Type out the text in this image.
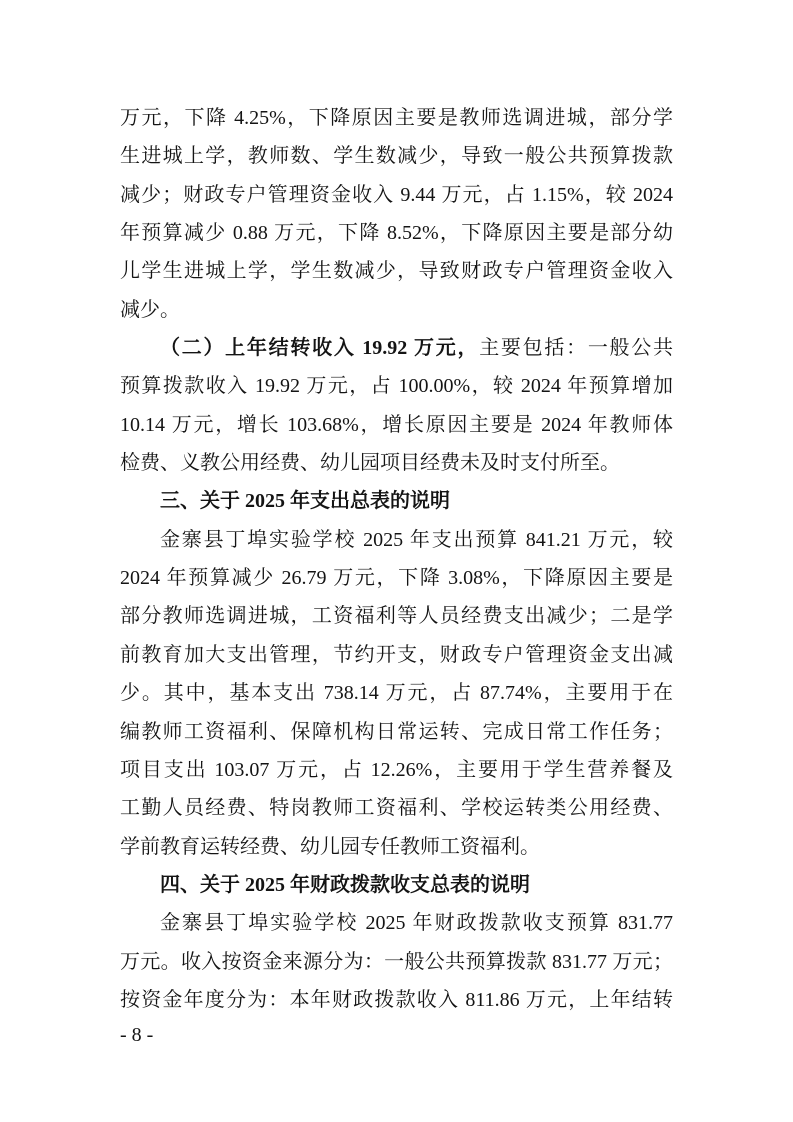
万元，下降 4.25%，下降原因主要是教师选调进城，部分学
生进城上学，教师数、学生数减少，导致一般公共预算拨款
减少；财政专户管理资金收入 9.44 万元，占 1.15%，较 2024
年预算减少 0.88 万元，下降 8.52%，下降原因主要是部分幼
儿学生进城上学，学生数减少，导致财政专户管理资金收入
减少。
（二）上年结转收入 19.92 万元，主要包括：一般公共
预算拨款收入 19.92 万元，占 100.00%，较 2024 年预算增加
10.14 万元，增长 103.68%，增长原因主要是 2024 年教师体
检费、义教公用经费、幼儿园项目经费未及时支付所至。
三、关于 2025 年支出总表的说明
金寨县丁埠实验学校 2025 年支出预算 841.21 万元，较
2024 年预算减少 26.79 万元，下降 3.08%，下降原因主要是
部分教师选调进城，工资福利等人员经费支出减少；二是学
前教育加大支出管理，节约开支，财政专户管理资金支出减
少。其中，基本支出 738.14 万元，占 87.74%，主要用于在
编教师工资福利、保障机构日常运转、完成日常工作任务；
项目支出 103.07 万元，占 12.26%，主要用于学生营养餐及
工勤人员经费、特岗教师工资福利、学校运转类公用经费、
学前教育运转经费、幼儿园专任教师工资福利。
四、关于 2025 年财政拨款收支总表的说明
金寨县丁埠实验学校 2025 年财政拨款收支预算 831.77
万元。收入按资金来源分为：一般公共预算拨款 831.77 万元；
按资金年度分为：本年财政拨款收入 811.86 万元，上年结转
- 8 -
